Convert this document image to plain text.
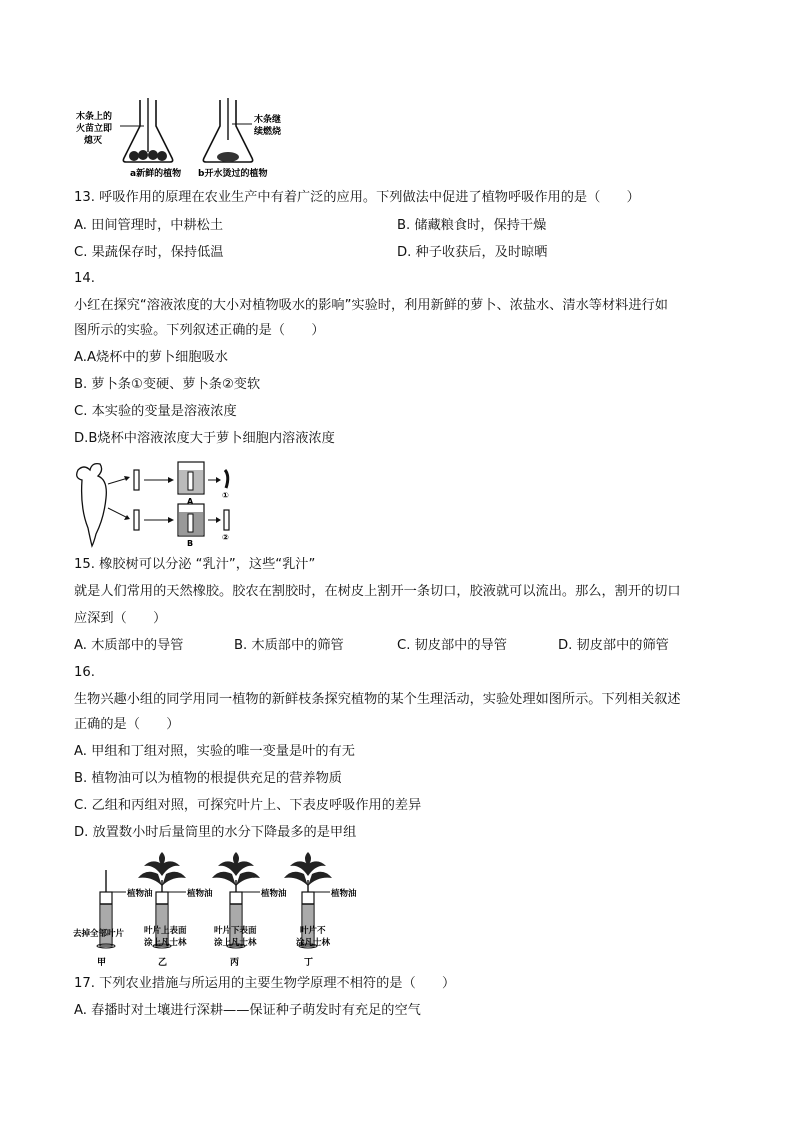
木条上的
火苗立即
熄灭
a新鲜的植物
木条继
续燃烧
b开水烫过的植物
13. 呼吸作用的原理在农业生产中有着广泛的应用。下列做法中促进了植物呼吸作用的是（　　）
A. 田间管理时，中耕松土	B. 储藏粮食时，保持干燥
C. 果蔬保存时，保持低温	D. 种子收获后，及时晾晒
14.
小红在探究“溶液浓度的大小对植物吸水的影响”实验时，利用新鲜的萝卜、浓盐水、清水等材料进行如
图所示的实验。下列叙述正确的是（　　）
A.A烧杯中的萝卜细胞吸水
B. 萝卜条①变硬、萝卜条②变软
C. 本实验的变量是溶液浓度
D.B烧杯中溶液浓度大于萝卜细胞内溶液浓度
A
B
①
②
15. 橡胶树可以分泌 “乳汁”，这些“乳汁”
就是人们常用的天然橡胶。胶农在割胶时，在树皮上割开一条切口，胶液就可以流出。那么，割开的切口
应深到（　　）
A. 木质部中的导管	B. 木质部中的筛管	C. 韧皮部中的导管	D. 韧皮部中的筛管
16.
生物兴趣小组的同学用同一植物的新鲜枝条探究植物的某个生理活动，实验处理如图所示。下列相关叙述
正确的是（　　）
A. 甲组和丁组对照，实验的唯一变量是叶的有无
B. 植物油可以为植物的根提供充足的营养物质
C. 乙组和丙组对照，可探究叶片上、下表皮呼吸作用的差异
D. 放置数小时后量筒里的水分下降最多的是甲组
植物油
去掉全部叶片
甲
植物油
叶片上表面
涂上凡士林
乙
植物油
叶片下表面
涂上凡士林
丙
植物油
叶片不
涂凡士林
丁
17. 下列农业措施与所运用的主要生物学原理不相符的是（　　）
A. 春播时对土壤进行深耕——保证种子萌发时有充足的空气
